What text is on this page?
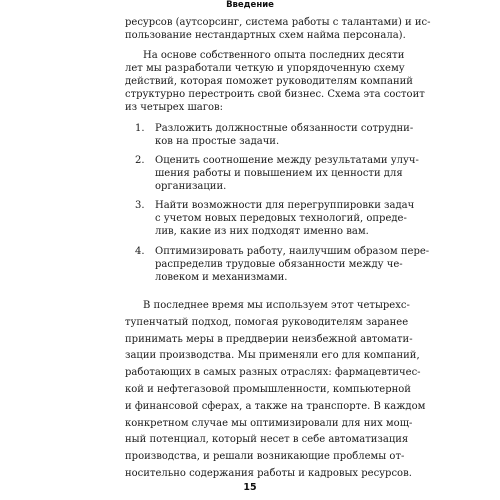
Введение
ресурсов (аутсорсинг, система работы с талантами) и ис-
пользование нестандартных схем найма персонала).
На основе собственного опыта последних десяти
лет мы разработали четкую и упорядоченную схему
действий, которая поможет руководителям компаний
структурно перестроить свой бизнес. Схема эта состоит
из четырех шагов:
1. Разложить должностные обязанности сотрудни-
ков на простые задачи.
2. Оценить соотношение между результатами улуч-
шения работы и повышением их ценности для
организации.
3. Найти возможности для перегруппировки задач
с учетом новых передовых технологий, опреде-
лив, какие из них подходят именно вам.
4. Оптимизировать работу, наилучшим образом пере-
распределив трудовые обязанности между че-
ловеком и механизмами.
В последнее время мы используем этот четырехс-
тупенчатый подход, помогая руководителям заранее
принимать меры в преддверии неизбежной автомати-
зации производства. Мы применяли его для компаний,
работающих в самых разных отраслях: фармацевтичес-
кой и нефтегазовой промышленности, компьютерной
и финансовой сферах, а также на транспорте. В каждом
конкретном случае мы оптимизировали для них мощ-
ный потенциал, который несет в себе автоматизация
производства, и решали возникающие проблемы от-
носительно содержания работы и кадровых ресурсов.
15
